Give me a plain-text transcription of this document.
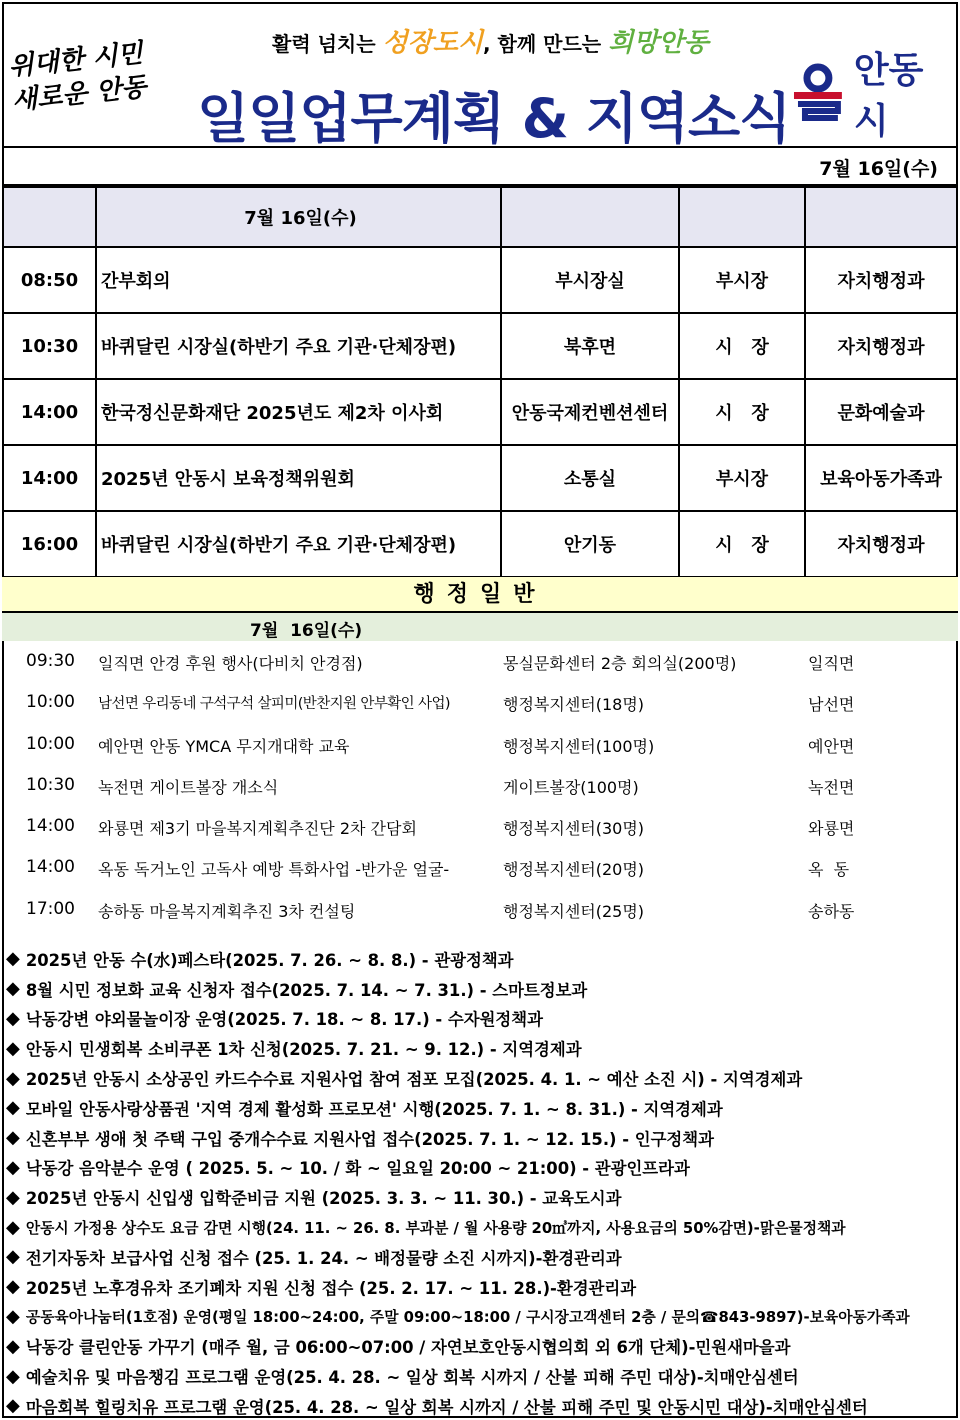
위대한 시민
새로운 안동
활력 넘치는 성장도시, 함께 만드는 희망안동
일일업무계획 & 지역소식
안동시
7월 16일(수)
	7월 16일(수)			
08:50	간부회의	부시장실	부시장	자치행정과
10:30	바퀴달린 시장실(하반기 주요 기관·단체장편)	북후면	시   장	자치행정과
14:00	한국정신문화재단 2025년도 제2차 이사회	안동국제컨벤션센터	시   장	문화예술과
14:00	2025년 안동시 보육정책위원회	소통실	부시장	보육아동가족과
16:00	바퀴달린 시장실(하반기 주요 기관·단체장편)	안기동	시   장	자치행정과
행정일반
7월  16일(수)
09:30 일직면 안경 후원 행사(다비치 안경점)	몽실문화센터 2층 회의실(200명)	일직면
10:00 남선면 우리동네 구석구석 살피미(반찬지원 안부확인 사업)	행정복지센터(18명)	남선면
10:00 예안면 안동 YMCA 무지개대학 교육	행정복지센터(100명)	예안면
10:30 녹전면 게이트볼장 개소식	게이트볼장(100명)	녹전면
14:00 와룡면 제3기 마을복지계획추진단 2차 간담회	행정복지센터(30명)	와룡면
14:00 옥동 독거노인 고독사 예방 특화사업 -반가운 얼굴-	행정복지센터(20명)	옥  동
17:00 송하동 마을복지계획추진 3차 컨설팅	행정복지센터(25명)	송하동
◆ 2025년 안동 수(水)페스타(2025. 7. 26. ~ 8. 8.) - 관광정책과
◆ 8월 시민 정보화 교육 신청자 접수(2025. 7. 14. ~ 7. 31.) - 스마트정보과
◆ 낙동강변 야외물놀이장 운영(2025. 7. 18. ~ 8. 17.) - 수자원정책과
◆ 안동시 민생회복 소비쿠폰 1차 신청(2025. 7. 21. ~ 9. 12.) - 지역경제과
◆ 2025년 안동시 소상공인 카드수수료 지원사업 참여 점포 모집(2025. 4. 1. ~ 예산 소진 시) - 지역경제과
◆ 모바일 안동사랑상품권 '지역 경제 활성화 프로모션' 시행(2025. 7. 1. ~ 8. 31.) - 지역경제과
◆ 신혼부부 생애 첫 주택 구입 중개수수료 지원사업 접수(2025. 7. 1. ~ 12. 15.) - 인구정책과
◆ 낙동강 음악분수 운영 ( 2025. 5. ~ 10. / 화 ~ 일요일 20:00 ~ 21:00) - 관광인프라과
◆ 2025년 안동시 신입생 입학준비금 지원 (2025. 3. 3. ~ 11. 30.) - 교육도시과
◆ 안동시 가정용 상수도 요금 감면 시행(24. 11. ~ 26. 8. 부과분 / 월 사용량 20㎥까지, 사용요금의 50%감면)-맑은물정책과
◆ 전기자동차 보급사업 신청 접수 (25. 1. 24. ~ 배정물량 소진 시까지)-환경관리과
◆ 2025년 노후경유차 조기폐차 지원 신청 접수 (25. 2. 17. ~ 11. 28.)-환경관리과
◆ 공동육아나눔터(1호점) 운영(평일 18:00~24:00, 주말 09:00~18:00 / 구시장고객센터 2층 / 문의☎843-9897)-보육아동가족과
◆ 낙동강 클린안동 가꾸기 (매주 월, 금 06:00~07:00 / 자연보호안동시협의회 외 6개 단체)-민원새마을과
◆ 예술치유 및 마음챙김 프로그램 운영(25. 4. 28. ~ 일상 회복 시까지 / 산불 피해 주민 대상)-치매안심센터
◆ 마음회복 힐링치유 프로그램 운영(25. 4. 28. ~ 일상 회복 시까지 / 산불 피해 주민 및 안동시민 대상)-치매안심센터
